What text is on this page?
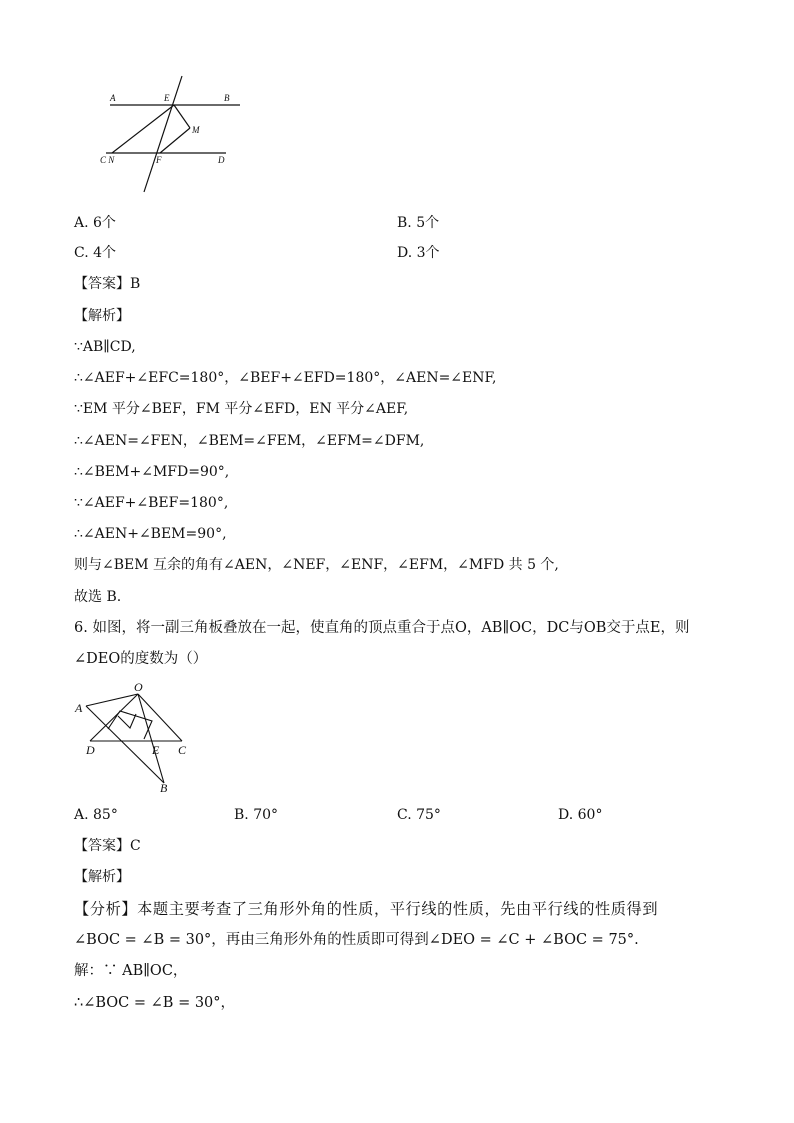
A	E	B
M
C N	F	D
A. 6个	B. 5个
C. 4个	D. 3个
【答案】B
【解析】
∵AB∥CD,
∴∠AEF+∠EFC=180°，∠BEF+∠EFD=180°，∠AEN=∠ENF,
∵EM 平分∠BEF，FM 平分∠EFD，EN 平分∠AEF,
∴∠AEN=∠FEN，∠BEM=∠FEM，∠EFM=∠DFM,
∴∠BEM+∠MFD=90°,
∵∠AEF+∠BEF=180°,
∴∠AEN+∠BEM=90°,
则与∠BEM 互余的角有∠AEN，∠NEF，∠ENF，∠EFM，∠MFD 共 5 个,
故选 B.
6. 如图，将一副三角板叠放在一起，使直角的顶点重合于点O，AB∥OC，DC与OB交于点E，则
∠DEO的度数为（）
O
A
D	E C
B
A. 85°	B. 70°	C. 75°	D. 60°
【答案】C
【解析】
【分析】本题主要考查了三角形外角的性质，平行线的性质，先由平行线的性质得到
∠BOC = ∠B = 30°，再由三角形外角的性质即可得到∠DEO = ∠C + ∠BOC = 75°.
解：∵ AB∥OC，
∴∠BOC = ∠B = 30°，
